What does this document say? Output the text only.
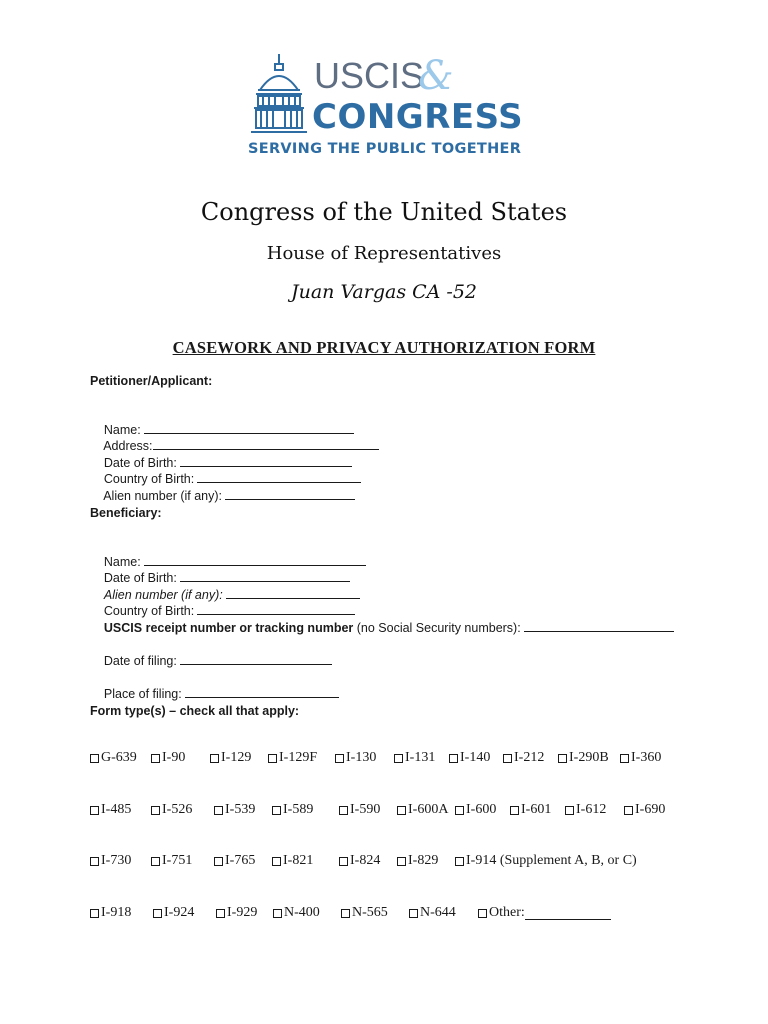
USCIS
&
CONGRESS
SERVING THE PUBLIC TOGETHER
Congress of the United States
House of Representatives
Juan Vargas CA -52
CASEWORK AND PRIVACY AUTHORIZATION FORM
Petitioner/Applicant:

Name:
Address:

Date of Birth:
Country of Birth:

Alien number (if any):

Beneficiary:

Name:
Date of Birth:

Alien number (if any):
Country of Birth:

USCIS receipt number or tracking number (no Social Security numbers):

Date of filing:

Place of filing:

Form type(s) – check all that apply:
G-639 I-90	I-129 I-129F I-130 I-131 I-140 I-212 I-290B I-360
I-485 I-526 I-539 I-589	I-590 I-600A I-600 I-601 I-612 I-690
I-730 I-751 I-765 I-821	I-824 I-829 I-914 (Supplement A, B, or C)
I-918 I-924 I-929 N-400 N-565 N-644 Other:
